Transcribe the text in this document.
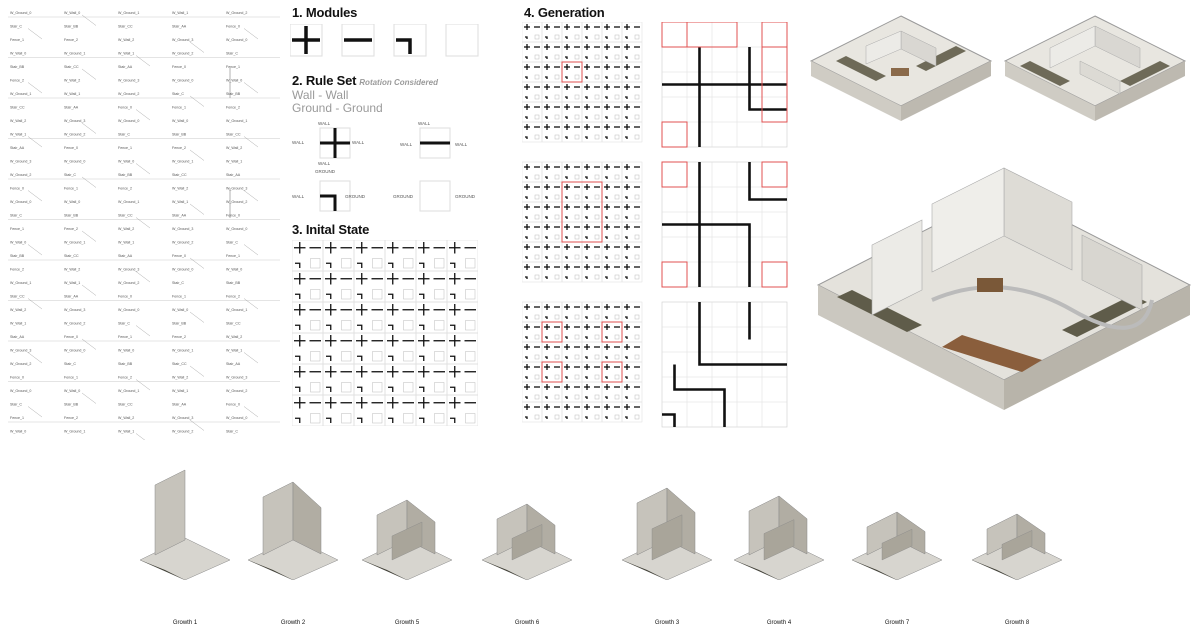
W_Ground_0	W_Wall_0	W_Ground_1	W_Wall_1	W_Ground_2
Stair_C	Stair_BB	Stair_CC	Stair_AA	Fence_0
Fence_1	Fence_2	W_Wall_2	W_Ground_3	W_Ground_0
W_Wall_0	W_Ground_1	W_Wall_1	W_Ground_2	Stair_C
Stair_BB	Stair_CC	Stair_AA	Fence_0	Fence_1
Fence_2	W_Wall_2	W_Ground_3	W_Ground_0	W_Wall_0
W_Ground_1	W_Wall_1	W_Ground_2	Stair_C	Stair_BB
Stair_CC	Stair_AA	Fence_0	Fence_1	Fence_2
W_Wall_2	W_Ground_3	W_Ground_0	W_Wall_0	W_Ground_1
W_Wall_1	W_Ground_2	Stair_C	Stair_BB	Stair_CC
Stair_AA	Fence_0	Fence_1	Fence_2	W_Wall_2
W_Ground_3	W_Ground_0	W_Wall_0	W_Ground_1	W_Wall_1
W_Ground_2	Stair_C	Stair_BB	Stair_CC	Stair_AA
Fence_0	Fence_1	Fence_2	W_Wall_2	W_Ground_3
W_Ground_0	W_Wall_0	W_Ground_1	W_Wall_1	W_Ground_2
Stair_C	Stair_BB	Stair_CC	Stair_AA	Fence_0
Fence_1	Fence_2	W_Wall_2	W_Ground_3	W_Ground_0
W_Wall_0	W_Ground_1	W_Wall_1	W_Ground_2	Stair_C
Stair_BB	Stair_CC	Stair_AA	Fence_0	Fence_1
Fence_2	W_Wall_2	W_Ground_3	W_Ground_0	W_Wall_0
W_Ground_1	W_Wall_1	W_Ground_2	Stair_C	Stair_BB
Stair_CC	Stair_AA	Fence_0	Fence_1	Fence_2
W_Wall_2	W_Ground_3	W_Ground_0	W_Wall_0	W_Ground_1
W_Wall_1	W_Ground_2	Stair_C	Stair_BB	Stair_CC
Stair_AA	Fence_0	Fence_1	Fence_2	W_Wall_2
W_Ground_3	W_Ground_0	W_Wall_0	W_Ground_1	W_Wall_1
W_Ground_2	Stair_C	Stair_BB	Stair_CC	Stair_AA
Fence_0	Fence_1	Fence_2	W_Wall_2	W_Ground_3
W_Ground_0	W_Wall_0	W_Ground_1	W_Wall_1	W_Ground_2
Stair_C	Stair_BB	Stair_CC	Stair_AA	Fence_0
Fence_1	Fence_2	W_Wall_2	W_Ground_3	W_Ground_0
W_Wall_0	W_Ground_1	W_Wall_1	W_Ground_2	Stair_C
1. Modules
2. Rule Set Rotation Considered
Wall - Wall
Ground - Ground
WALL
WALL	WALL
WALL
GROUND
WALL
WALL	WALL
WALL	GROUND	GROUND	GROUND
3. Inital State
4. Generation
Growth 1	Growth 2	Growth 5	Growth 6	Growth 3	Growth 4	Growth 7	Growth 8
